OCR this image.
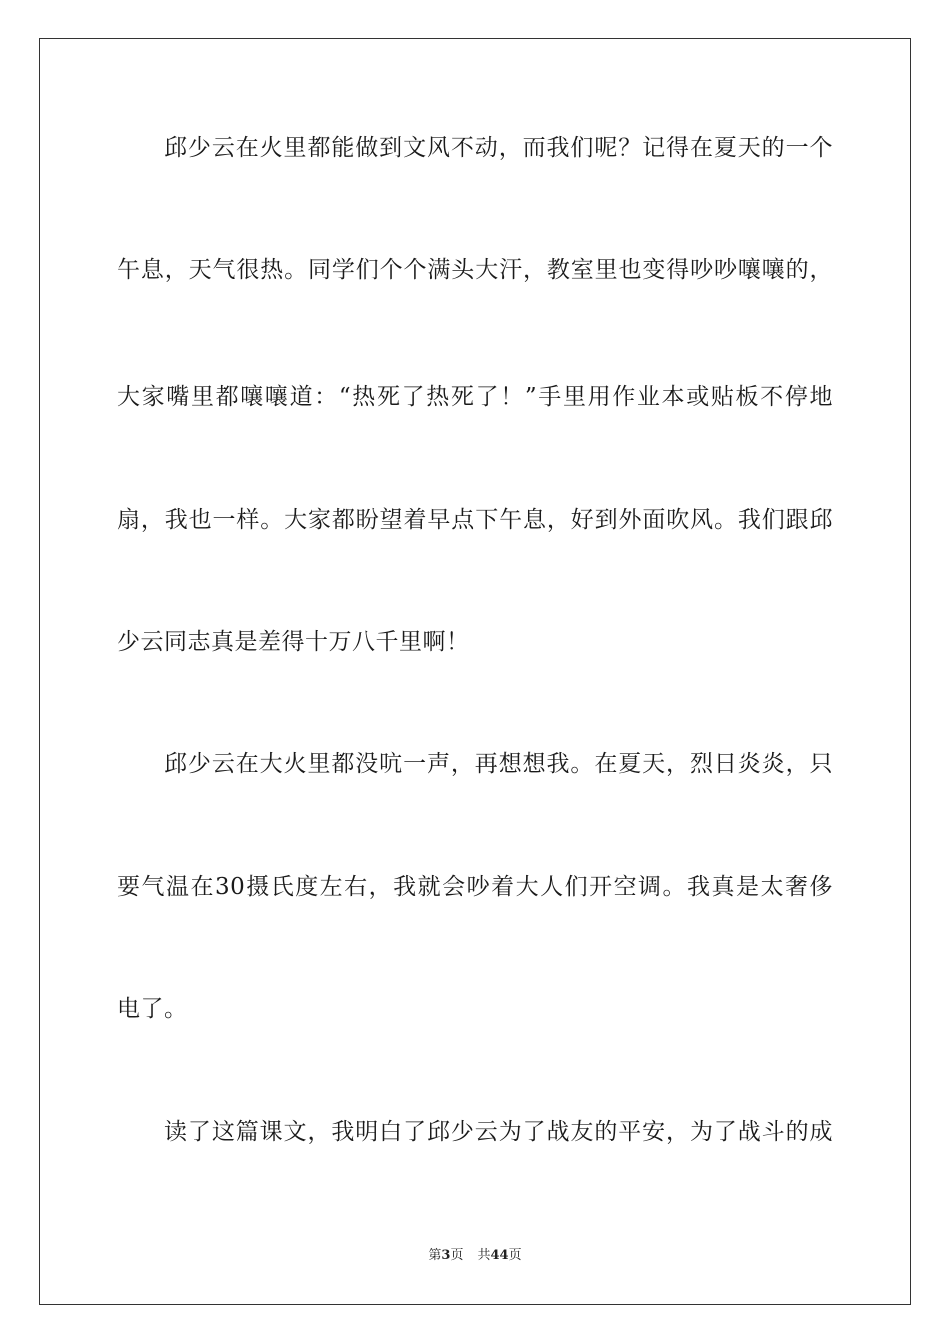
邱少云在火里都能做到文风不动，而我们呢？记得在夏天的一个
午息，天气很热。同学们个个满头大汗，教室里也变得吵吵嚷嚷的，
大家嘴里都嚷嚷道：“热死了热死了！”手里用作业本或贴板不停地
扇，我也一样。大家都盼望着早点下午息，好到外面吹风。我们跟邱
少云同志真是差得十万八千里啊！
邱少云在大火里都没吭一声，再想想我。在夏天，烈日炎炎，只
要气温在30摄氏度左右，我就会吵着大人们开空调。我真是太奢侈
电了。
读了这篇课文，我明白了邱少云为了战友的平安，为了战斗的成
第3页 共44页
